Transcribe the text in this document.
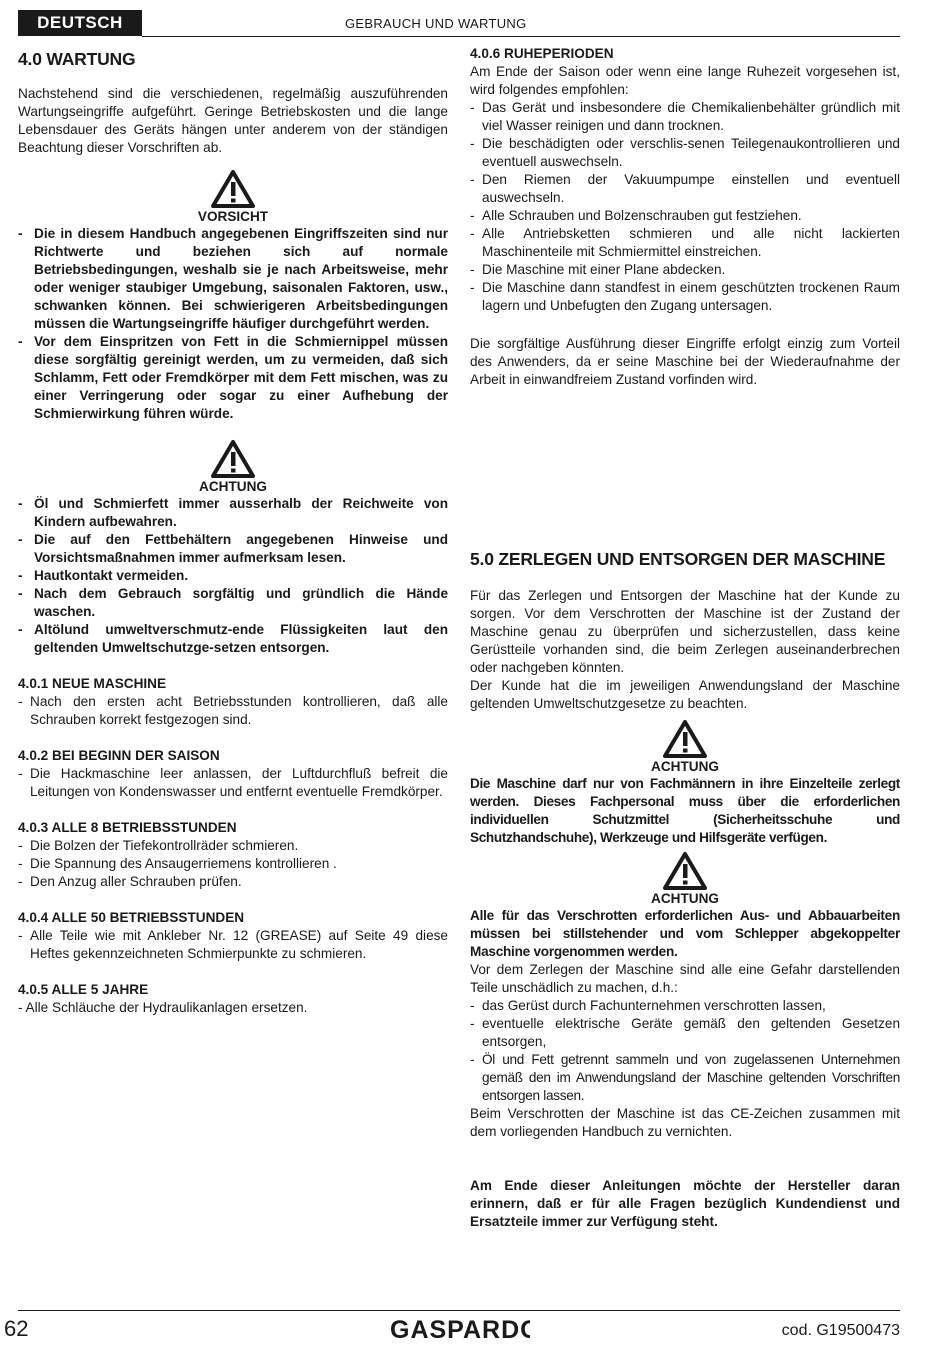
DEUTSCH	GEBRAUCH UND WARTUNG
4.0 WARTUNG

Nachstehend sind die verschiedenen, regelmäßig auszuführenden Wartungseingriffe aufgeführt. Geringe Betriebskosten und die lange Lebensdauer des Geräts hängen unter anderem von der ständigen Beachtung dieser Vorschriften ab.

VORSICHT
- Die in diesem Handbuch angegebenen Eingriffszeiten sind nur Richtwerte und beziehen sich auf normale Betriebsbedingungen, weshalb sie je nach Arbeitsweise, mehr oder weniger staubiger Umgebung, saisonalen Faktoren, usw., schwanken können. Bei schwierigeren Arbeitsbedingungen müssen die Wartungseingriffe häufiger durchgeführt werden.
- Vor dem Einspritzen von Fett in die Schmiernippel müssen diese sorgfältig gereinigt werden, um zu vermeiden, daß sich Schlamm, Fett oder Fremdkörper mit dem Fett mischen, was zu einer Verringerung oder sogar zu einer Aufhebung der Schmierwirkung führen würde.
ACHTUNG
- Öl und Schmierfett immer ausserhalb der Reichweite von Kindern aufbewahren.
- Die auf den Fettbehältern angegebenen Hinweise und Vorsichtsmaßnahmen immer aufmerksam lesen.
- Hautkontakt vermeiden.
- Nach dem Gebrauch sorgfältig und gründlich die Hände waschen.
- Altölund umweltverschmutz-ende Flüssigkeiten laut den geltenden Umweltschutzge-setzen entsorgen.
4.0.1 NEUE MASCHINE
- Nach den ersten acht Betriebsstunden kontrollieren, daß alle Schrauben korrekt festgezogen sind.
4.0.2 BEI BEGINN DER SAISON
- Die Hackmaschine leer anlassen, der Luftdurchfluß befreit die Leitungen von Kondenswasser und entfernt eventuelle Fremdkörper.
4.0.3 ALLE 8 BETRIEBSSTUNDEN
- Die Bolzen der Tiefekontrollräder schmieren.
- Die Spannung des Ansaugerriemens kontrollieren .
- Den Anzug aller Schrauben prüfen.
4.0.4 ALLE 50 BETRIEBSSTUNDEN
- Alle Teile wie mit Ankleber Nr. 12 (GREASE) auf Seite 49 diese Heftes gekennzeichneten Schmierpunkte zu schmieren.
4.0.5 ALLE 5 JAHRE

- Alle Schläuche der Hydraulikanlagen ersetzen.

4.0.6 RUHEPERIODEN

Am Ende der Saison oder wenn eine lange Ruhezeit vorgesehen ist, wird folgendes empfohlen:

- Das Gerät und insbesondere die Chemikalienbehälter gründlich mit viel Wasser reinigen und dann trocknen.
- Die beschädigten oder verschlis-senen Teilegenaukontrollieren und eventuell auswechseln.
- Den Riemen der Vakuumpumpe einstellen und eventuell auswechseln.
- Alle Schrauben und Bolzenschrauben gut festziehen.
- Alle Antriebsketten schmieren und alle nicht lackierten Maschinenteile mit Schmiermittel einstreichen.
- Die Maschine mit einer Plane abdecken.
- Die Maschine dann standfest in einem geschützten trockenen Raum lagern und Unbefugten den Zugang untersagen.

Die sorgfältige Ausführung dieser Eingriffe erfolgt einzig zum Vorteil des Anwenders, da er seine Maschine bei der Wiederaufnahme der Arbeit in einwandfreiem Zustand vorfinden wird.

5.0 ZERLEGEN UND ENTSORGEN DER MASCHINE

Für das Zerlegen und Entsorgen der Maschine hat der Kunde zu sorgen. Vor dem Verschrotten der Maschine ist der Zustand der Maschine genau zu überprüfen und sicherzustellen, dass keine Gerüstteile vorhanden sind, die beim Zerlegen auseinanderbrechen oder nachgeben könnten.

Der Kunde hat die im jeweiligen Anwendungsland der Maschine geltenden Umweltschutzgesetze zu beachten.

ACHTUNG

Die Maschine darf nur von Fachmännern in ihre Einzelteile zerlegt werden. Dieses Fachpersonal muss über die erforderlichen individuellen Schutzmittel (Sicherheitsschuhe und Schutzhandschuhe), Werkzeuge und Hilfsgeräte verfügen.

ACHTUNG

Alle für das Verschrotten erforderlichen Aus- und Abbauarbeiten müssen bei stillstehender und vom Schlepper abgekoppelter Maschine vorgenommen werden.

Vor dem Zerlegen der Maschine sind alle eine Gefahr darstellenden Teile unschädlich zu machen, d.h.:

- das Gerüst durch Fachunternehmen verschrotten lassen,
- eventuelle elektrische Geräte gemäß den geltenden Gesetzen entsorgen,
- Öl und Fett getrennt sammeln und von zugelassenen Unternehmen gemäß den im Anwendungsland der Maschine geltenden Vorschriften entsorgen lassen.

Beim Verschrotten der Maschine ist das CE-Zeichen zusammen mit dem vorliegenden Handbuch zu vernichten.

Am Ende dieser Anleitungen möchte der Hersteller daran erinnern, daß er für alle Fragen bezüglich Kundendienst und Ersatzteile immer zur Verfügung steht.

62	GASPARDO	cod. G19500473
